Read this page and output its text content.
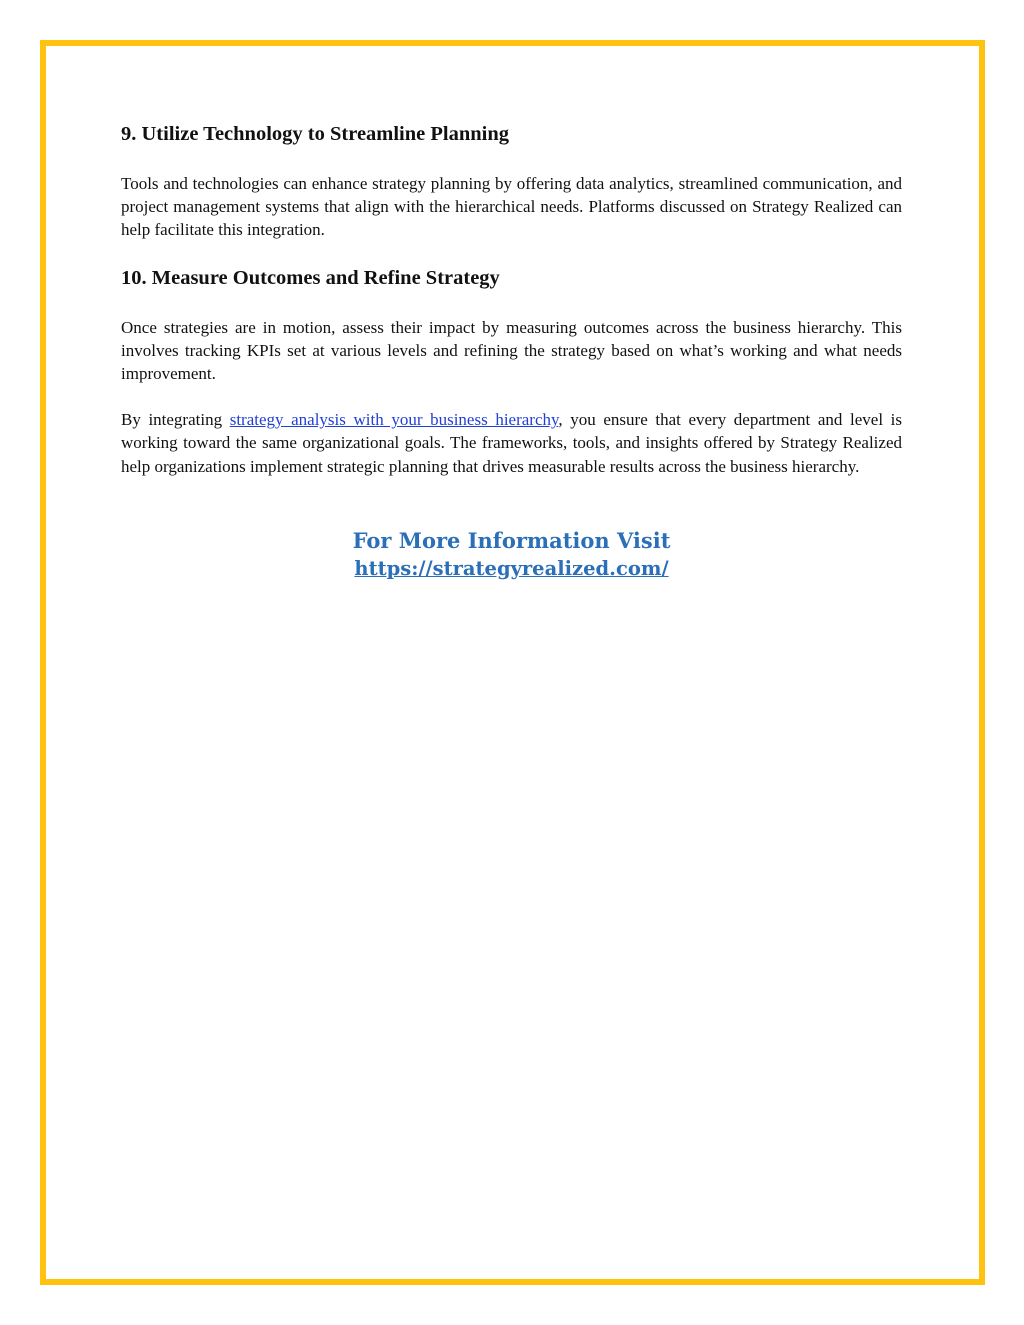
9. Utilize Technology to Streamline Planning

Tools and technologies can enhance strategy planning by offering data analytics, streamlined communication, and project management systems that align with the hierarchical needs. Platforms discussed on Strategy Realized can help facilitate this integration.

10. Measure Outcomes and Refine Strategy

Once strategies are in motion, assess their impact by measuring outcomes across the business hierarchy. This involves tracking KPIs set at various levels and refining the strategy based on what’s working and what needs improvement.

By integrating strategy analysis with your business hierarchy, you ensure that every department and level is working toward the same organizational goals. The frameworks, tools, and insights offered by Strategy Realized help organizations implement strategic planning that drives measurable results across the business hierarchy.

For More Information Visit
https://strategyrealized.com/
